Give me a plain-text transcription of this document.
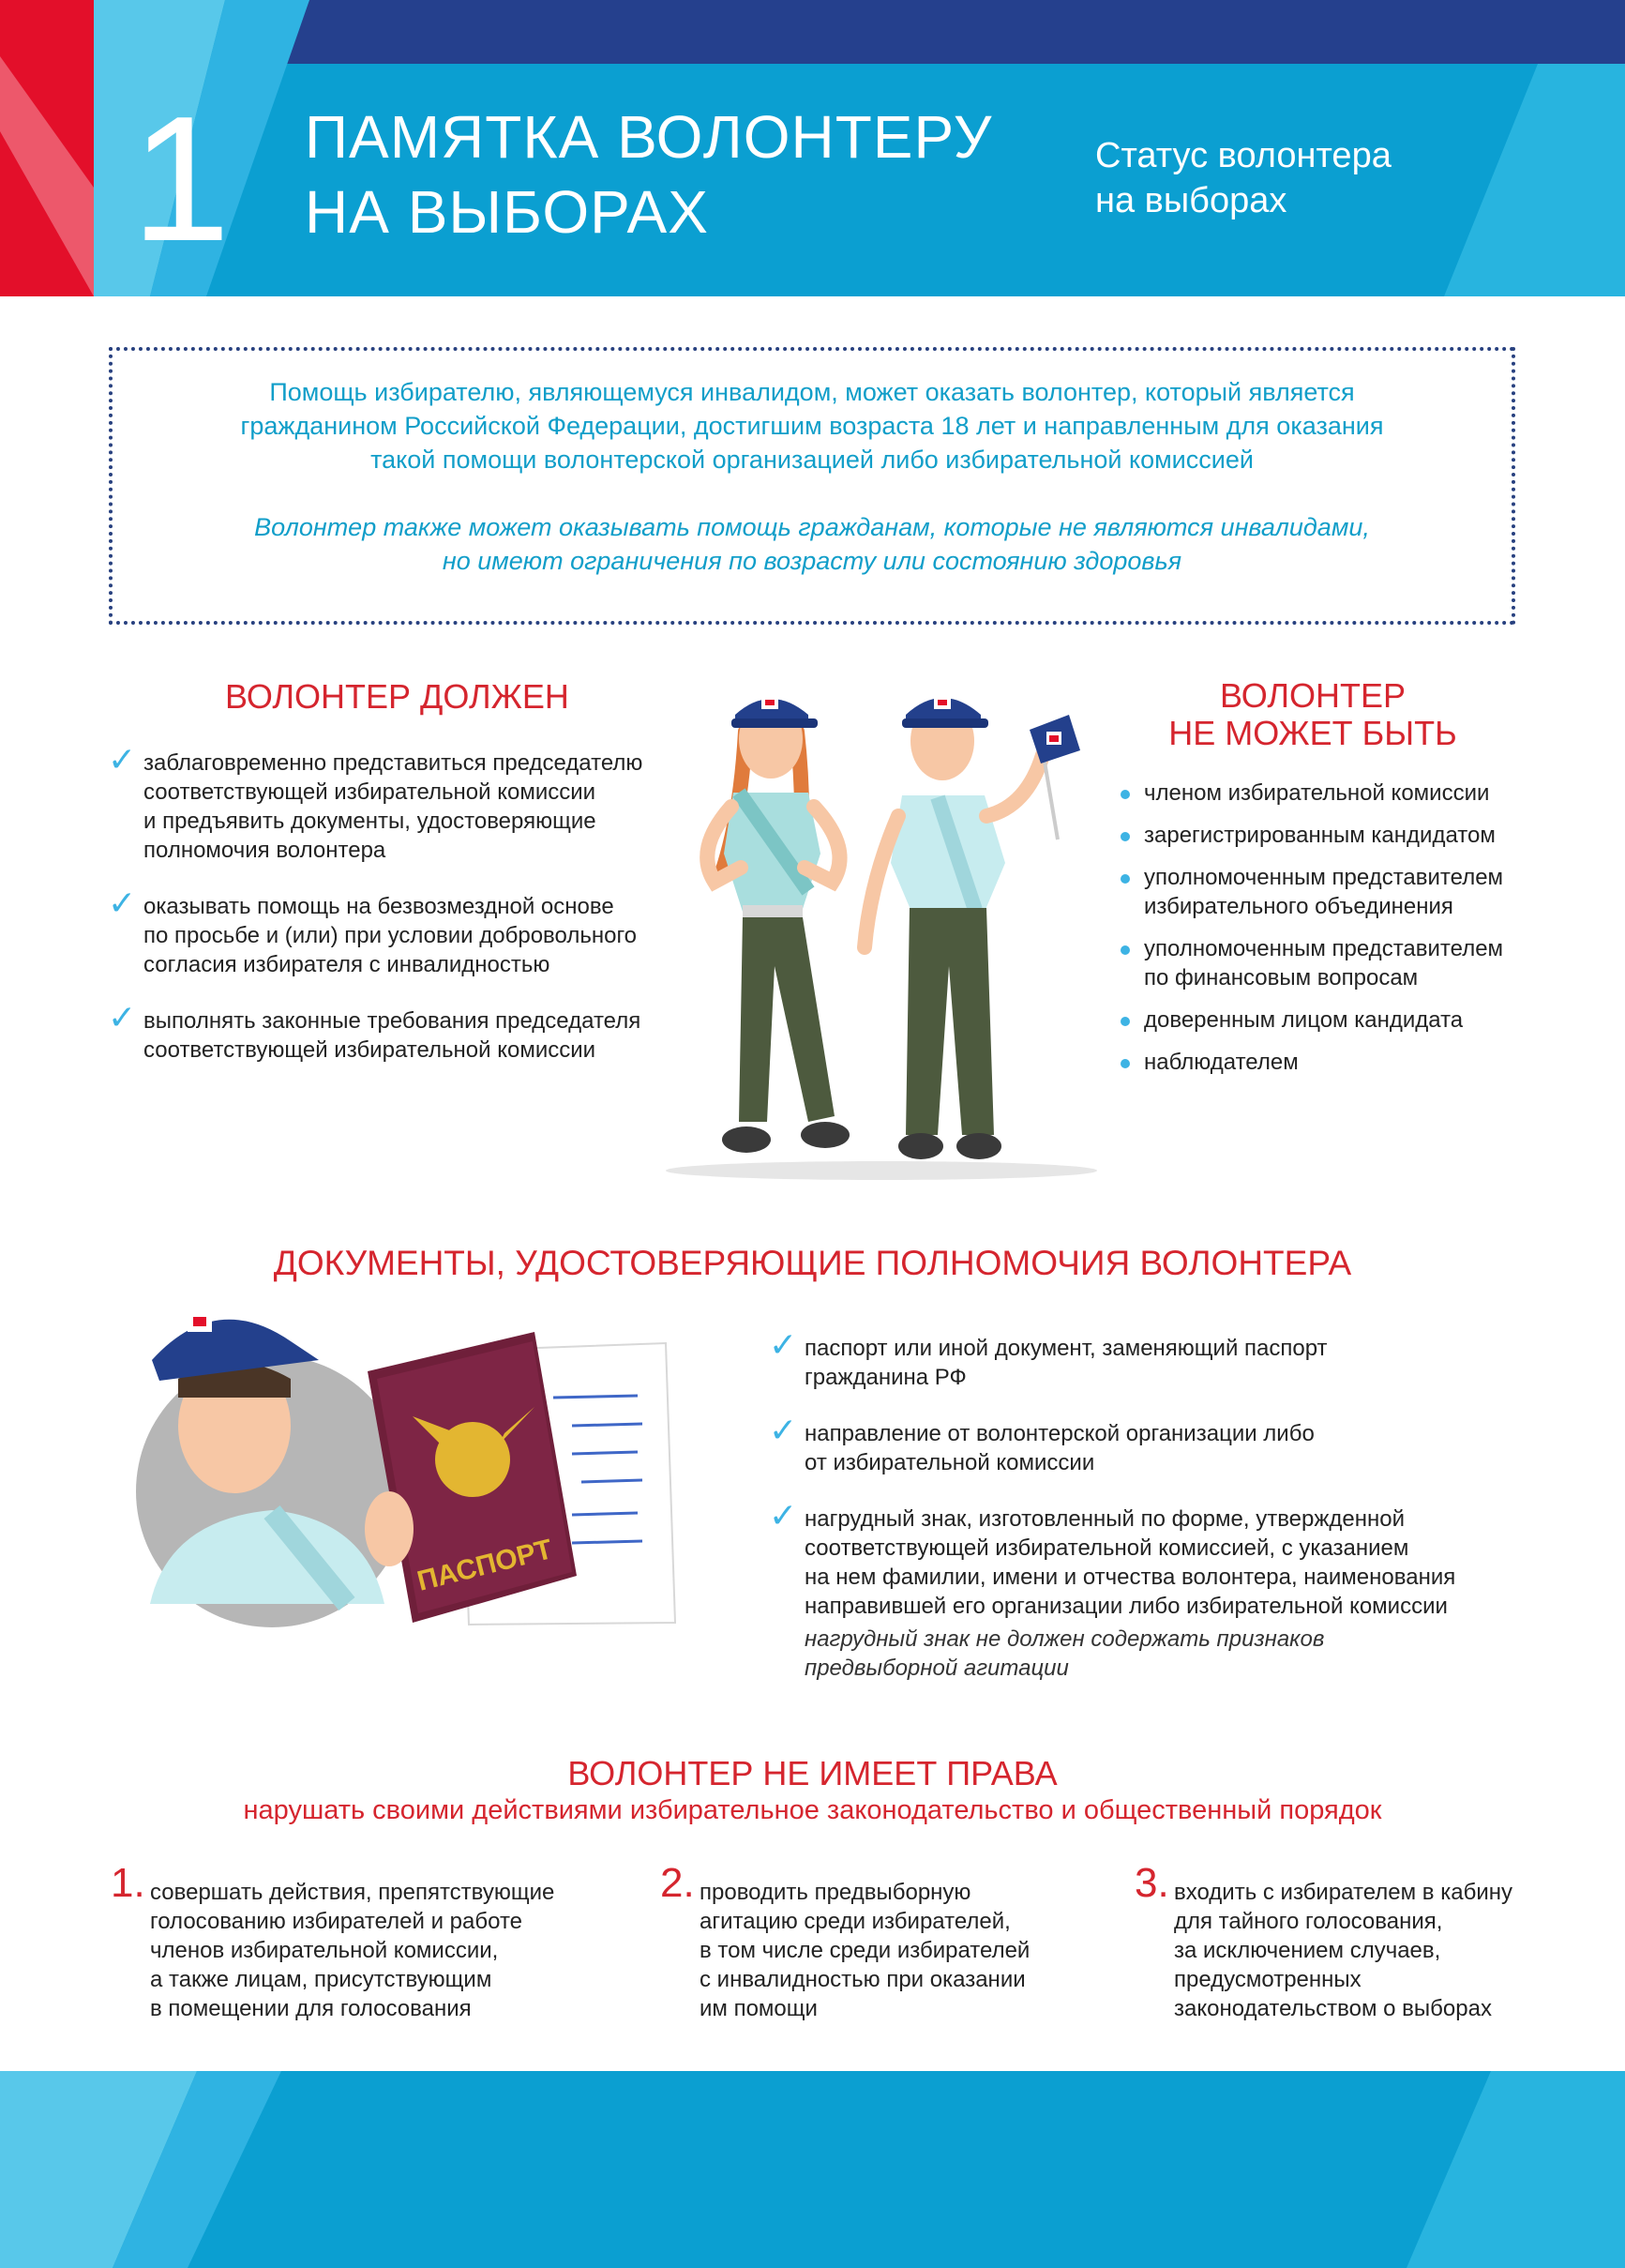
1 ПАМЯТКА ВОЛОНТЕРУ
НА ВЫБОРАХ
Статус волонтера
на выборах

Помощь избирателю, являющемуся инвалидом, может оказать волонтер, который является
гражданином Российской Федерации, достигшим возраста 18 лет и направленным для оказания
такой помощи волонтерской организацией либо избирательной комиссией

Волонтер также может оказывать помощь гражданам, которые не являются инвалидами,
но имеют ограничения по возрасту или состоянию здоровья

ВОЛОНТЕР ДОЛЖЕН
✓ заблаговременно представиться председателю
соответствующей избирательной комиссии
и предъявить документы, удостоверяющие
полномочия волонтера
✓ оказывать помощь на безвозмездной основе
по просьбе и (или) при условии добровольного
согласия избирателя с инвалидностью
✓ выполнять законные требования председателя
соответствующей избирательной комиссии
ВОЛОНТЕР
НЕ МОЖЕТ БЫТЬ
членом избирательной комиссии
зарегистрированным кандидатом
уполномоченным представителем
избирательного объединения
уполномоченным представителем
по финансовым вопросам
доверенным лицом кандидата
наблюдателем
ДОКУМЕНТЫ, УДОСТОВЕРЯЮЩИЕ ПОЛНОМОЧИЯ ВОЛОНТЕРА
ПАСПОРТ
✓ паспорт или иной документ, заменяющий паспорт
гражданина РФ
✓ направление от волонтерской организации либо
от избирательной комиссии
✓ нагрудный знак, изготовленный по форме, утвержденной
соответствующей избирательной комиссией, с указанием
на нем фамилии, имени и отчества волонтера, наименования
направившей его организации либо избирательной комиссии
нагрудный знак не должен содержать признаков
предвыборной агитации
ВОЛОНТЕР НЕ ИМЕЕТ ПРАВА
нарушать своими действиями избирательное законодательство и общественный порядок
1. совершать действия, препятствующие
голосованию избирателей и работе
членов избирательной комиссии,
а также лицам, присутствующим
в помещении для голосования
2. проводить предвыборную
агитацию среди избирателей,
в том числе среди избирателей
с инвалидностью при оказании
им помощи
3. входить с избирателем в кабину
для тайного голосования,
за исключением случаев,
предусмотренных
законодательством о выборах
